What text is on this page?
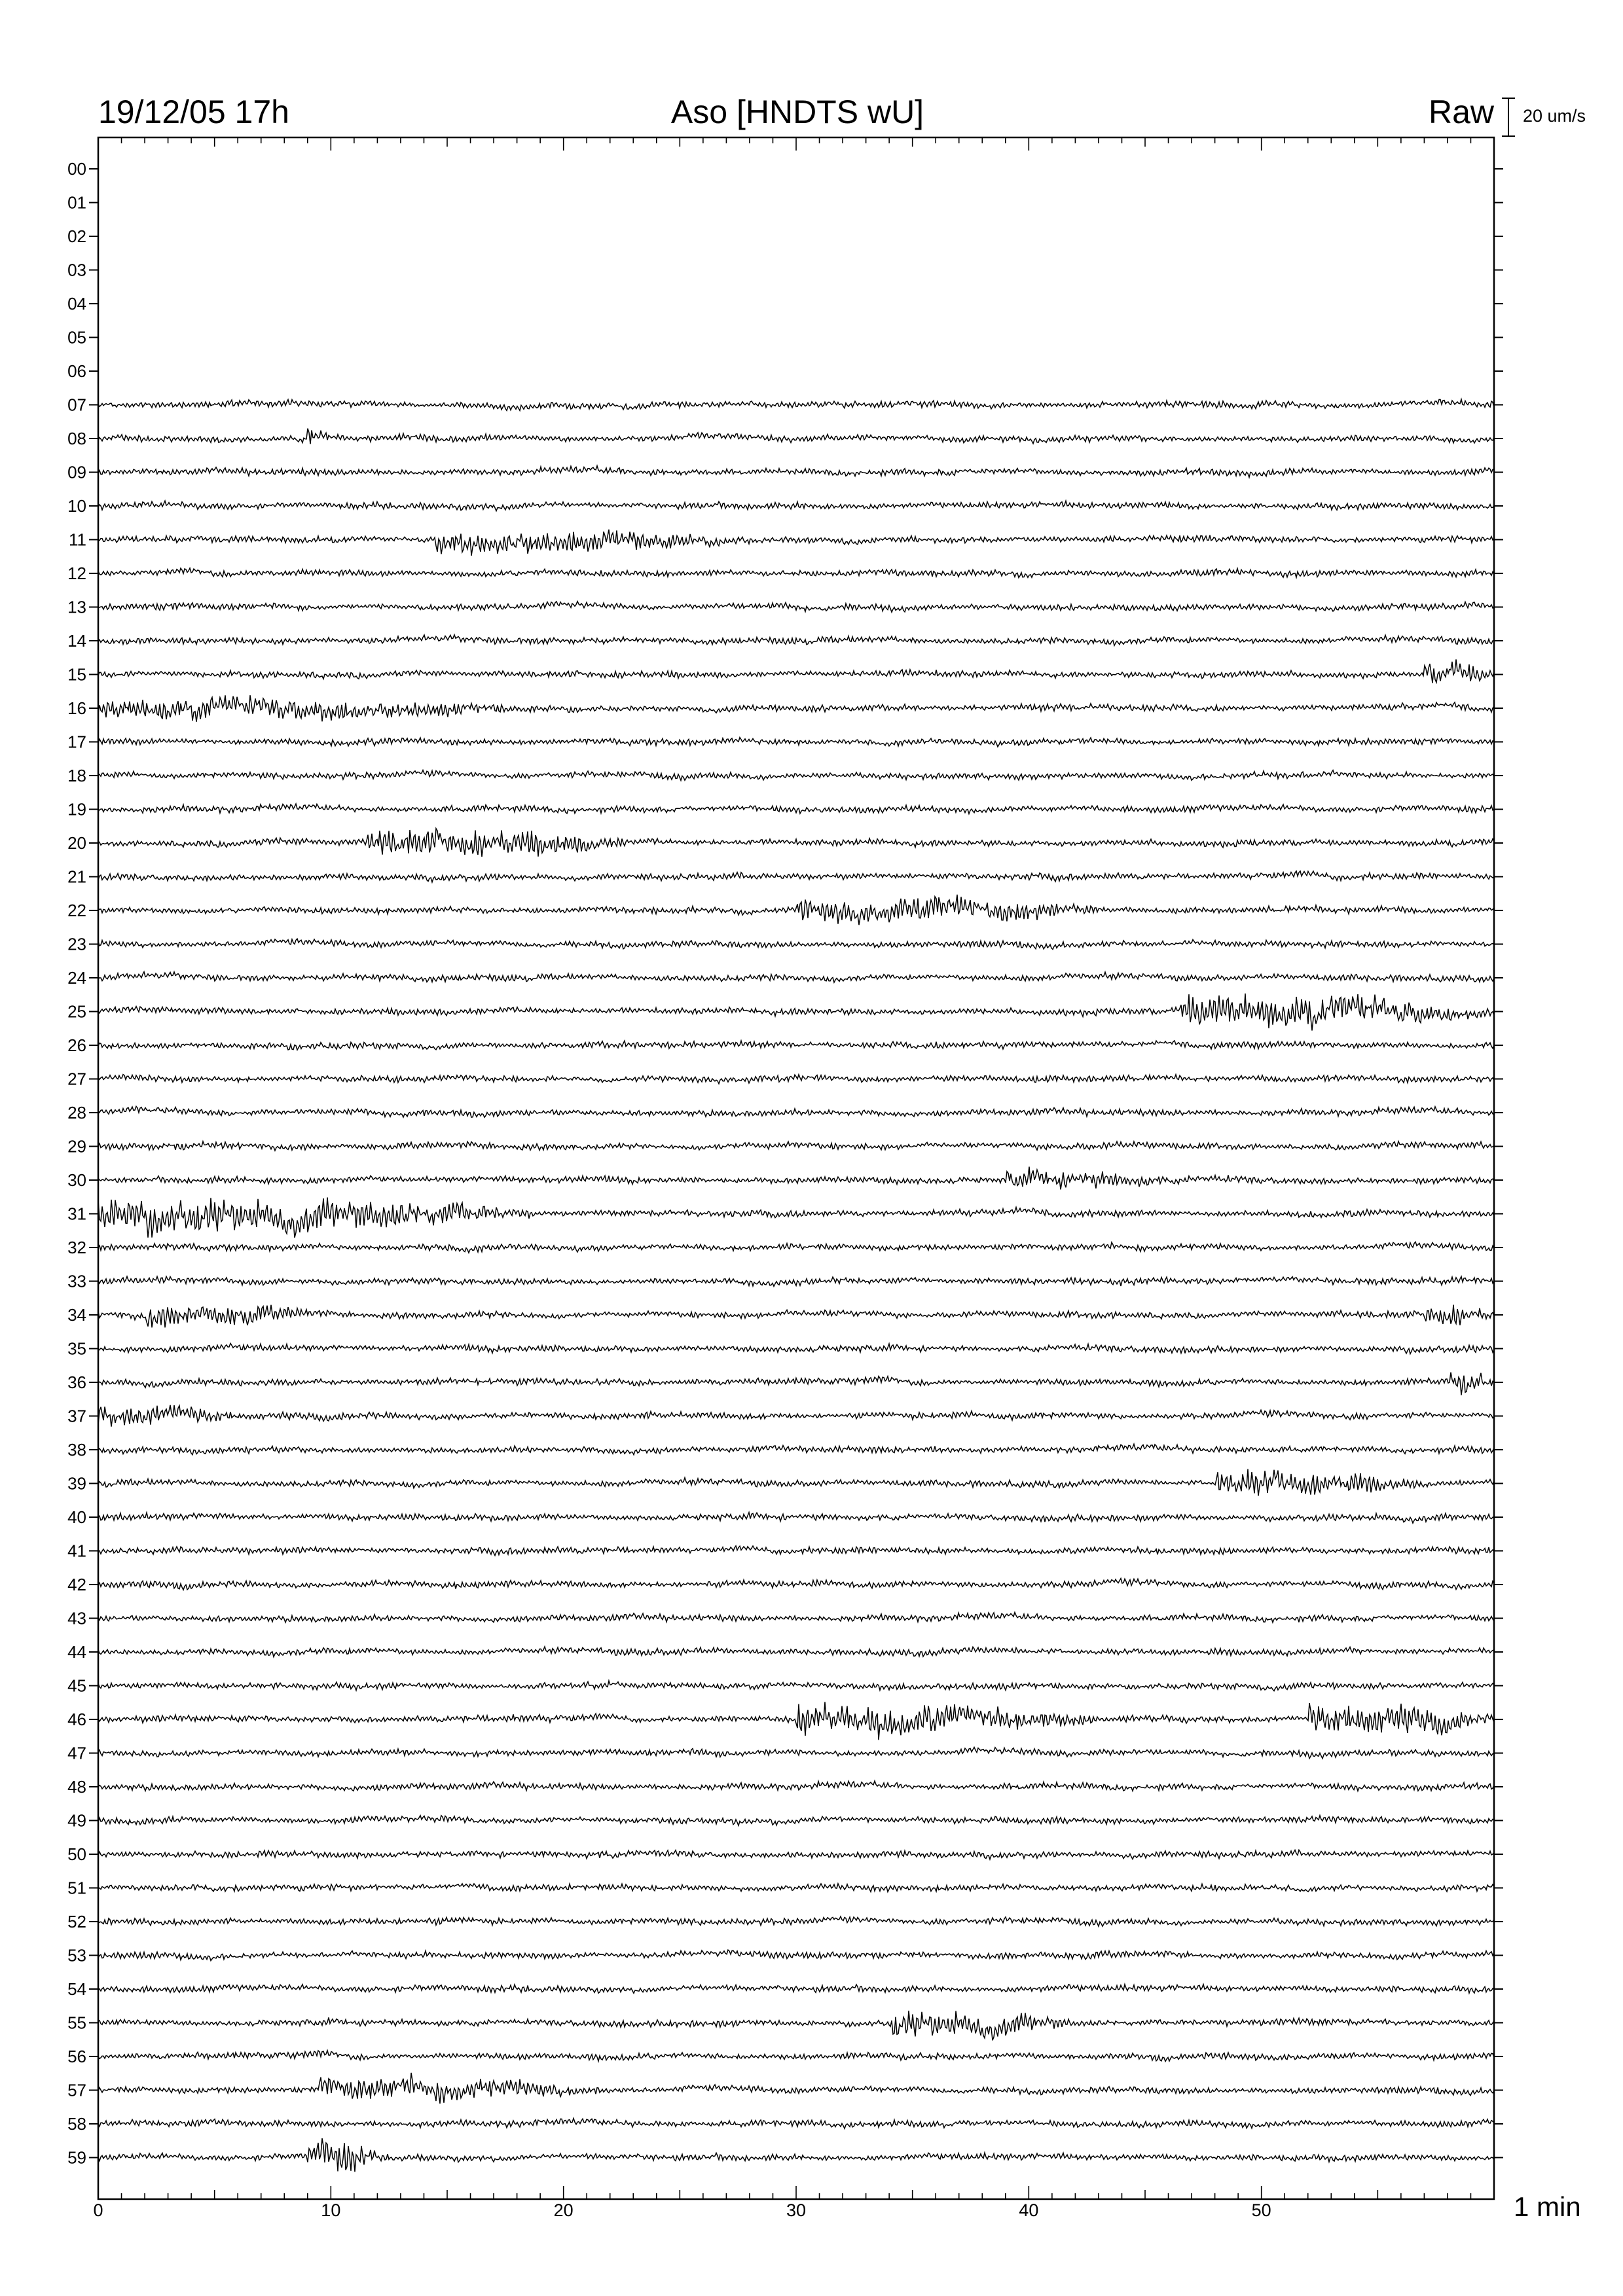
19/12/05 17h	Aso [HNDTS wU]	Raw 20 um/s
00
01
02
03
04
05
06
07
08
09
10
11
12
13
14
15
16
17
18
19
20
21
22
23
24
25
26
27
28
29
30
31
32
33
34
35
36
37
38
39
40
41
42
43
44
45
46
47
48
49
50
51
52
53
54
55
56
57
58
59
0	10	20	30	40	50	1 min
